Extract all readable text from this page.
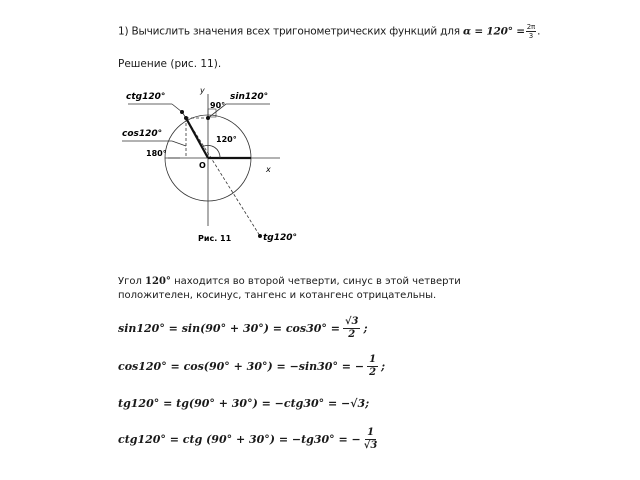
1) Вычислить значения всех тригонометрических функций для $\alpha = 120^\circ = \frac{2\pi}{3}$ .
Решение (рис. 11).
ctg120°	sin120°
cos120°
tg120°
90°
120°
180°
y
x
O
Рис. 11
Угол 120° находится во второй четверти, синус в этой четверти положителен, косинус, тангенс и котангенс отрицательны.
$\sin 120^\circ = \sin(90^\circ + 30^\circ) = \cos 30^\circ = \frac{√3}{2}$ ;
cos120° = cos(90° + 30°) = −sin30° = − $\frac{1}{2}$ ;
tg120° = tg(90° + 30°) = −ctg30° = −√3;
ctg120° = ctg (90° + 30°) = −tg30° = − $\frac{1}{√3}$
